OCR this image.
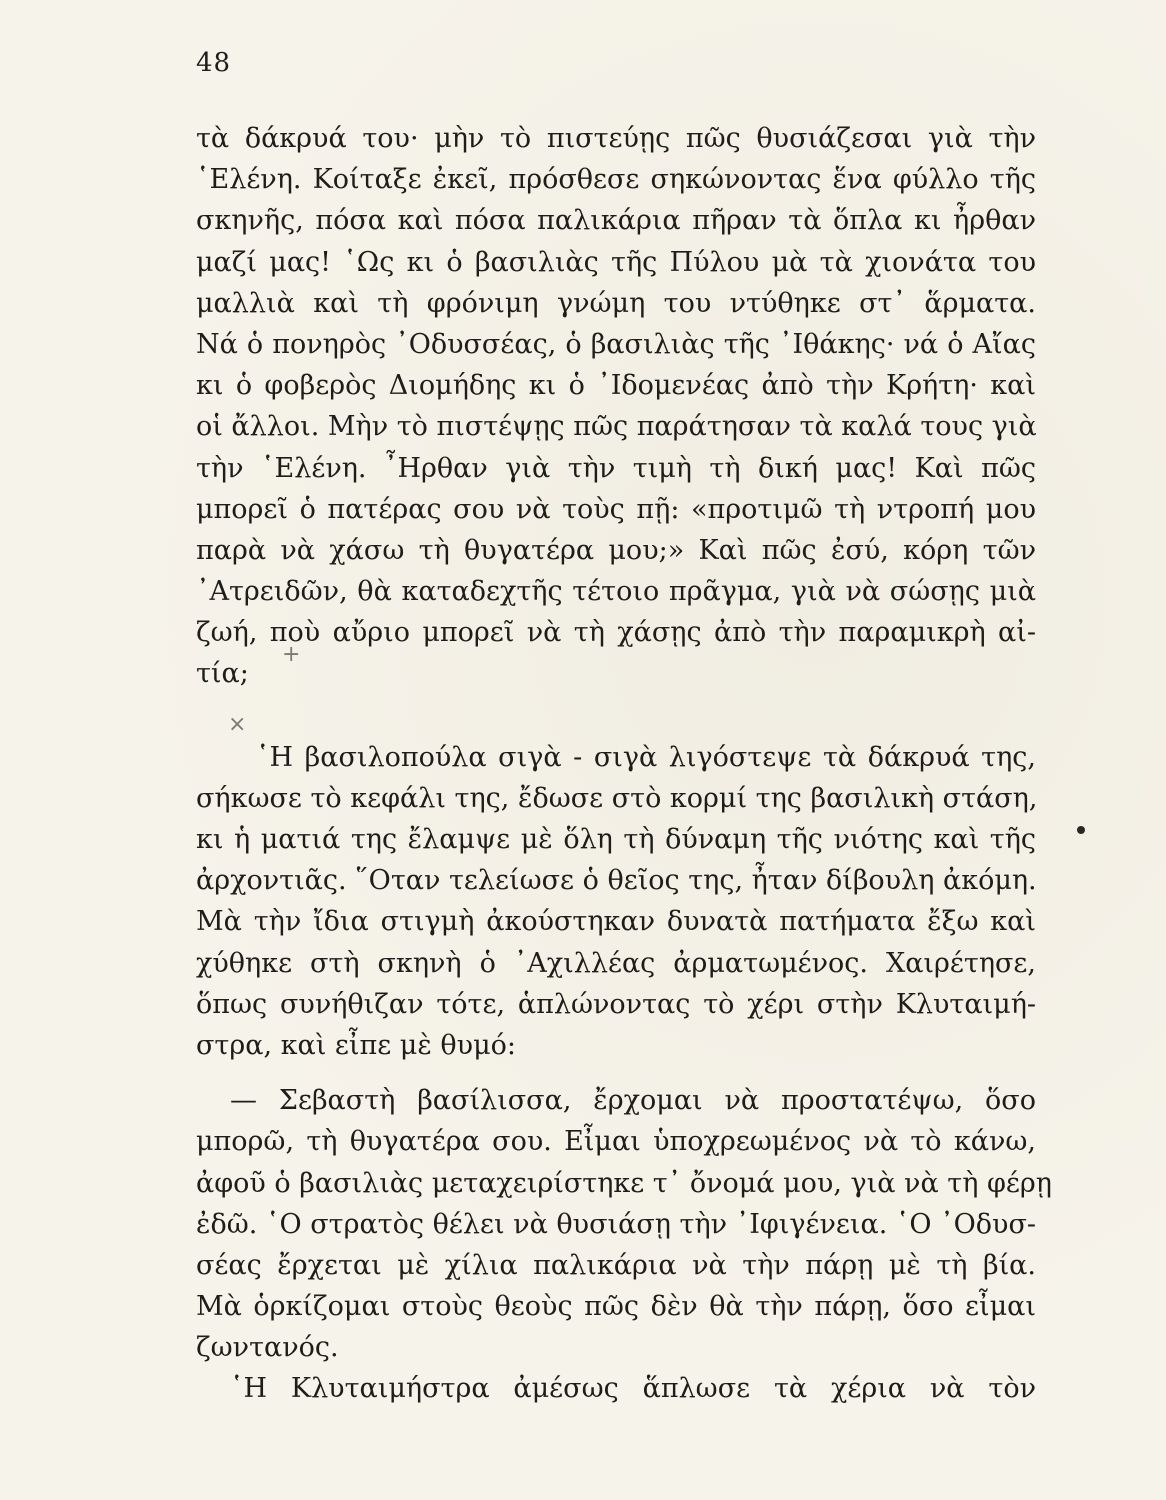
48
τὰ δάκρυά του· μὴν τὸ πιστεύῃς πῶς θυσιάζεσαι γιὰ τὴν
῾Ελένη. Κοίταξε ἐκεῖ, πρόσθεσε σηκώνοντας ἕνα φύλλο τῆς
σκηνῆς, πόσα καὶ πόσα παλικάρια πῆραν τὰ ὅπλα κι ἦρθαν
μαζί μας! ῾Ως κι ὁ βασιλιὰς τῆς Πύλου μὰ τὰ χιονάτα του
μαλλιὰ καὶ τὴ φρόνιμη γνώμη του ντύθηκε στ᾿ ἅρματα.
Νά ὁ πονηρὸς ᾿Οδυσσέας, ὁ βασιλιὰς τῆς ᾿Ιθάκης· νά ὁ Αἴας
κι ὁ φοβερὸς Διομήδης κι ὁ ᾿Ιδομενέας ἀπὸ τὴν Κρήτη· καὶ
οἱ ἄλλοι. Μὴν τὸ πιστέψῃς πῶς παράτησαν τὰ καλά τους γιὰ
τὴν ῾Ελένη. ῏Ηρθαν γιὰ τὴν τιμὴ τὴ δική μας! Καὶ πῶς
μπορεῖ ὁ πατέρας σου νὰ τοὺς πῇ: «προτιμῶ τὴ ντροπή μου
παρὰ νὰ χάσω τὴ θυγατέρα μου;» Καὶ πῶς ἐσύ, κόρη τῶν
᾿Ατρειδῶν, θὰ καταδεχτῆς τέτοιο πρᾶγμα, γιὰ νὰ σώσῃς μιὰ
ζωή, ποὺ αὔριο μπορεῖ νὰ τὴ χάσῃς ἀπὸ τὴν παραμικρὴ αἰ-
τία;
῾Η βασιλοπούλα σιγὰ - σιγὰ λιγόστεψε τὰ δάκρυά της,
σήκωσε τὸ κεφάλι της, ἔδωσε στὸ κορμί της βασιλικὴ στάση,
κι ἡ ματιά της ἔλαμψε μὲ ὅλη τὴ δύναμη τῆς νιότης καὶ τῆς
ἀρχοντιᾶς. ῞Οταν τελείωσε ὁ θεῖος της, ἦταν δίβουλη ἀκόμη.
Μὰ τὴν ἴδια στιγμὴ ἀκούστηκαν δυνατὰ πατήματα ἔξω καὶ
χύθηκε στὴ σκηνὴ ὁ ᾿Αχιλλέας ἀρματωμένος. Χαιρέτησε,
ὅπως συνήθιζαν τότε, ἁπλώνοντας τὸ χέρι στὴν Κλυταιμή-
στρα, καὶ εἶπε μὲ θυμό:
— Σεβαστὴ βασίλισσα, ἔρχομαι νὰ προστατέψω, ὅσο
μπορῶ, τὴ θυγατέρα σου. Εἶμαι ὑποχρεωμένος νὰ τὸ κάνω,
ἀφοῦ ὁ βασιλιὰς μεταχειρίστηκε τ᾿ ὄνομά μου, γιὰ νὰ τὴ φέρῃ
ἐδῶ. ῾Ο στρατὸς θέλει νὰ θυσιάσῃ τὴν ᾿Ιφιγένεια. ῾Ο ᾿Οδυσ-
σέας ἔρχεται μὲ χίλια παλικάρια νὰ τὴν πάρῃ μὲ τὴ βία.
Μὰ ὁρκίζομαι στοὺς θεοὺς πῶς δὲν θὰ τὴν πάρῃ, ὅσο εἶμαι
ζωντανός.
῾Η Κλυταιμήστρα ἀμέσως ἅπλωσε τὰ χέρια νὰ τὸν
+
×
